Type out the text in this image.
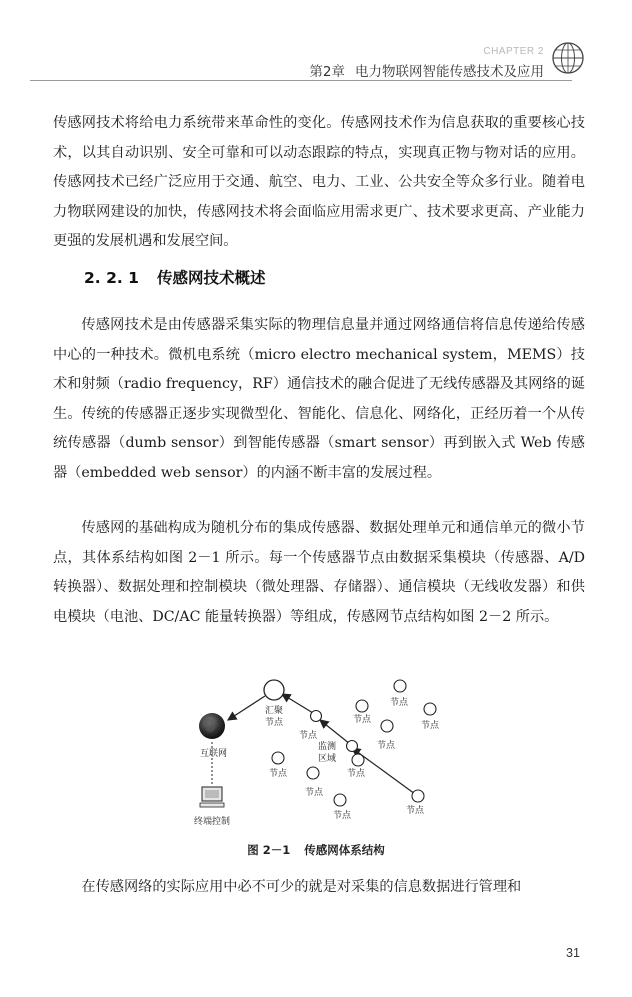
CHAPTER 2
第2章 电力物联网智能传感技术及应用
传感网技术将给电力系统带来革命性的变化。传感网技术作为信息获取的重要核心技术，以其自动识别、安全可靠和可以动态跟踪的特点，实现真正物与物对话的应用。传感网技术已经广泛应用于交通、航空、电力、工业、公共安全等众多行业。随着电力物联网建设的加快，传感网技术将会面临应用需求更广、技术要求更高、产业能力更强的发展机遇和发展空间。
2. 2. 1 传感网技术概述
传感网技术是由传感器采集实际的物理信息量并通过网络通信将信息传递给传感中心的一种技术。微机电系统（micro electro mechanical system，MEMS）技术和射频（radio frequency，RF）通信技术的融合促进了无线传感器及其网络的诞生。传统的传感器正逐步实现微型化、智能化、信息化、网络化，正经历着一个从传统传感器（dumb sensor）到智能传感器（smart sensor）再到嵌入式 Web 传感器（embedded web sensor）的内涵不断丰富的发展过程。
传感网的基础构成为随机分布的集成传感器、数据处理单元和通信单元的微小节点，其体系结构如图 2－1 所示。每一个传感器节点由数据采集模块（传感器、A/D 转换器）、数据处理和控制模块（微处理器、存储器）、通信模块（无线收发器）和供电模块（电池、DC/AC 能量转换器）等组成，传感网节点结构如图 2－2 所示。
互联网
终端控制
汇聚
节点
节点
监测
区域
节点
节点
节点
节点
节点
节点
节点
节点	节点
图 2－1 传感网体系结构
在传感网络的实际应用中必不可少的就是对采集的信息数据进行管理和
31
